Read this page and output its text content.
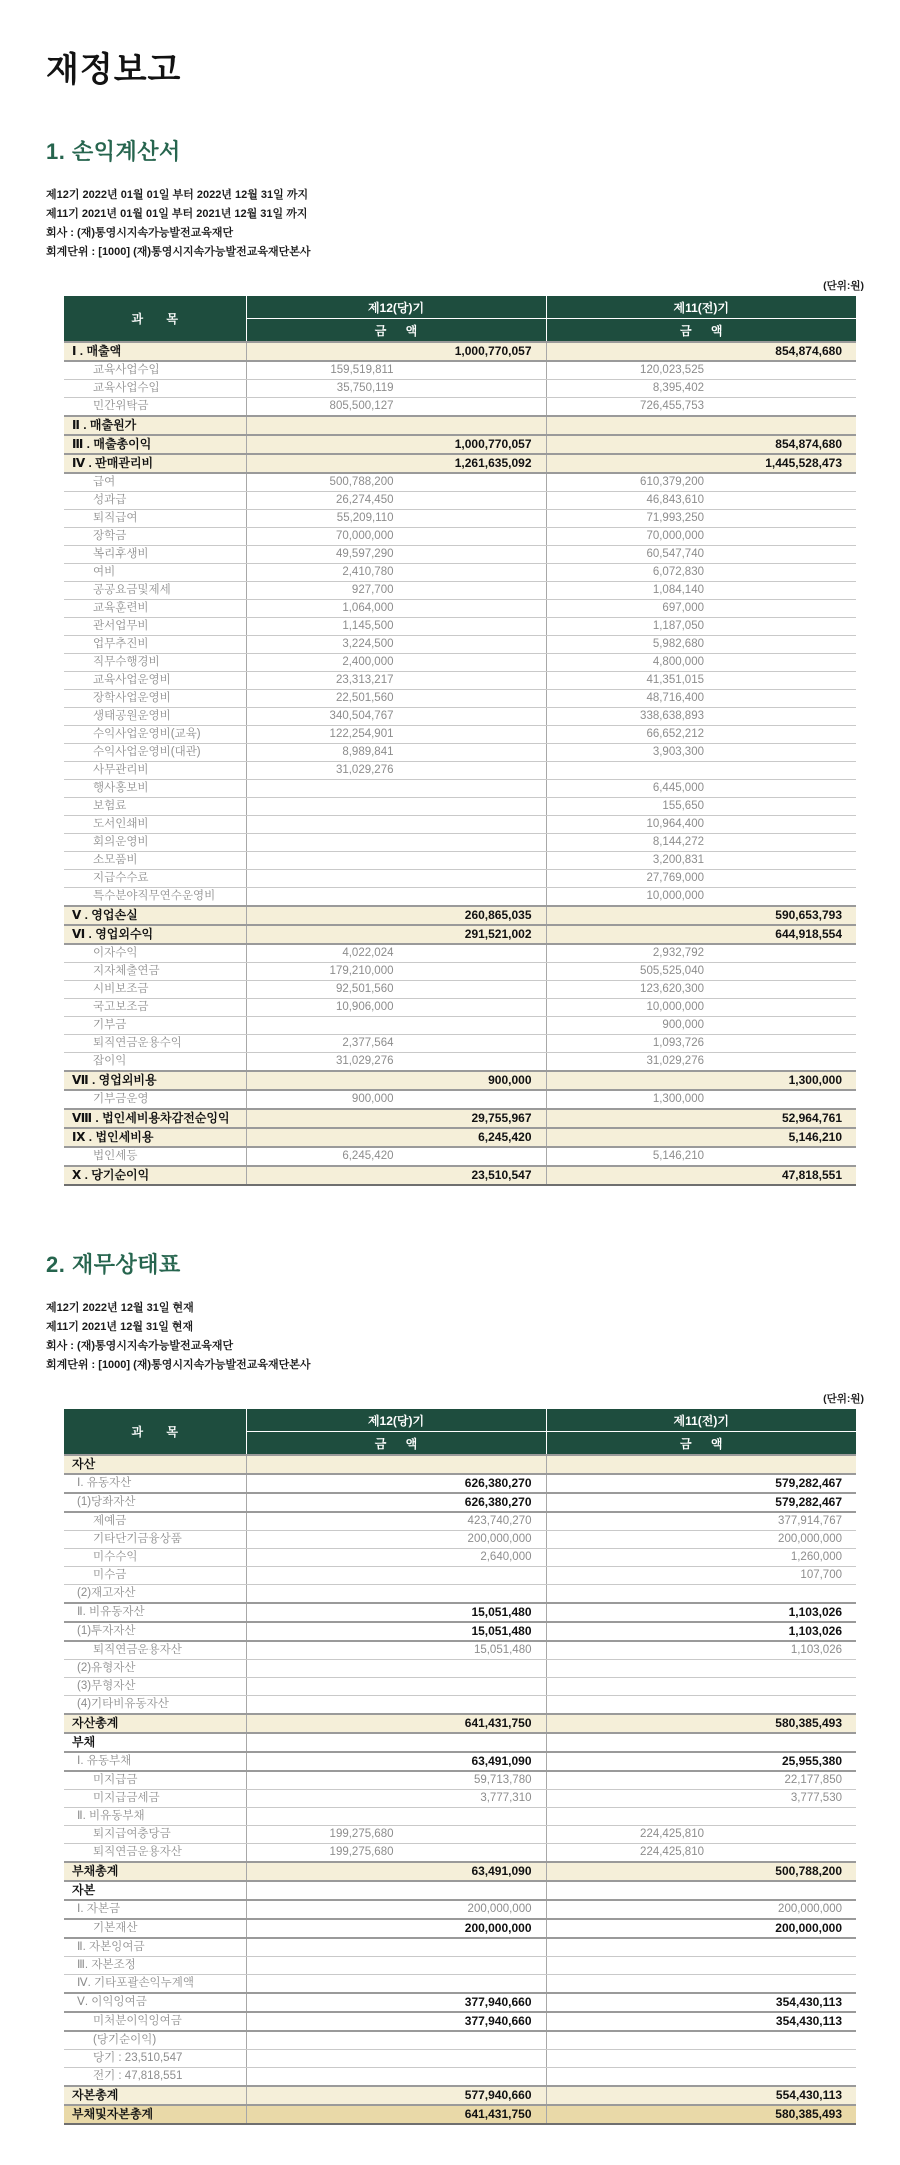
재정보고
1. 손익계산서
제12기 2022년 01월 01일 부터 2022년 12월 31일 까지
제11기 2021년 01월 01일 부터 2021년 12월 31일 까지
회사 : (재)통영시지속가능발전교육재단
회계단위 : [1000] (재)통영시지속가능발전교육재단본사
(단위:원)
과 목	제12(당)기	제11(전)기
	금 액	금 액
Ⅰ . 매출액	1,000,770,057	854,874,680
교육사업수입	159,519,811	120,023,525
교육사업수입	35,750,119	8,395,402
민간위탁금	805,500,127	726,455,753
Ⅱ . 매출원가		
Ⅲ . 매출총이익	1,000,770,057	854,874,680
Ⅳ . 판매관리비	1,261,635,092	1,445,528,473
급여	500,788,200	610,379,200
성과급	26,274,450	46,843,610
퇴직급여	55,209,110	71,993,250
장학금	70,000,000	70,000,000
복리후생비	49,597,290	60,547,740
여비	2,410,780	6,072,830
공공요금및제세	927,700	1,084,140
교육훈련비	1,064,000	697,000
관서업무비	1,145,500	1,187,050
업무추진비	3,224,500	5,982,680
직무수행경비	2,400,000	4,800,000
교육사업운영비	23,313,217	41,351,015
장학사업운영비	22,501,560	48,716,400
생태공원운영비	340,504,767	338,638,893
수익사업운영비(교육)	122,254,901	66,652,212
수익사업운영비(대관)	8,989,841	3,903,300
사무관리비	31,029,276	
행사홍보비		6,445,000
보험료		155,650
도서인쇄비		10,964,400
회의운영비		8,144,272
소모품비		3,200,831
지급수수료		27,769,000
특수분야직무연수운영비		10,000,000
Ⅴ . 영업손실	260,865,035	590,653,793
Ⅵ . 영업외수익	291,521,002	644,918,554
이자수익	4,022,024	2,932,792
지자체출연금	179,210,000	505,525,040
시비보조금	92,501,560	123,620,300
국고보조금	10,906,000	10,000,000
기부금		900,000
퇴직연금운용수익	2,377,564	1,093,726
잡이익	31,029,276	31,029,276
Ⅶ . 영업외비용	900,000	1,300,000
기부금운영	900,000	1,300,000
Ⅷ . 법인세비용차감전순잉익	29,755,967	52,964,761
Ⅸ . 법인세비용	6,245,420	5,146,210
법인세등	6,245,420	5,146,210
Ⅹ . 당기순이익	23,510,547	47,818,551
2. 재무상태표
제12기 2022년 12월 31일 현재
제11기 2021년 12월 31일 현재
회사 : (재)통영시지속가능발전교육재단
회계단위 : [1000] (재)통영시지속가능발전교육재단본사
(단위:원)
과 목	제12(당)기	제11(전)기
	금 액	금 액
자산		
Ⅰ. 유동자산	626,380,270	579,282,467
(1)당좌자산	626,380,270	579,282,467
제예금	423,740,270	377,914,767
기타단기금융상품	200,000,000	200,000,000
미수수익	2,640,000	1,260,000
미수금		107,700
(2)재고자산		
Ⅱ. 비유동자산	15,051,480	1,103,026
(1)투자자산	15,051,480	1,103,026
퇴직연금운용자산	15,051,480	1,103,026
(2)유형자산		
(3)무형자산		
(4)기타비유동자산		
자산총계	641,431,750	580,385,493
부채		
Ⅰ. 유동부채	63,491,090	25,955,380
미지급금	59,713,780	22,177,850
미지급금세금	3,777,310	3,777,530
Ⅱ. 비유동부채		
퇴지급여충당금	199,275,680	224,425,810
퇴직연금운용자산	199,275,680	224,425,810
부채총계	63,491,090	500,788,200
자본		
Ⅰ. 자본금	200,000,000	200,000,000
기본재산	200,000,000	200,000,000
Ⅱ. 자본잉여금		
Ⅲ. 자본조정		
Ⅳ. 기타포괄손익누계액		
Ⅴ. 이익잉여금	377,940,660	354,430,113
미처분이익잉여금	377,940,660	354,430,113
(당기순이익)		
당기 : 23,510,547		
전기 : 47,818,551		
자본총계	577,940,660	554,430,113
부채및자본총계	641,431,750	580,385,493
